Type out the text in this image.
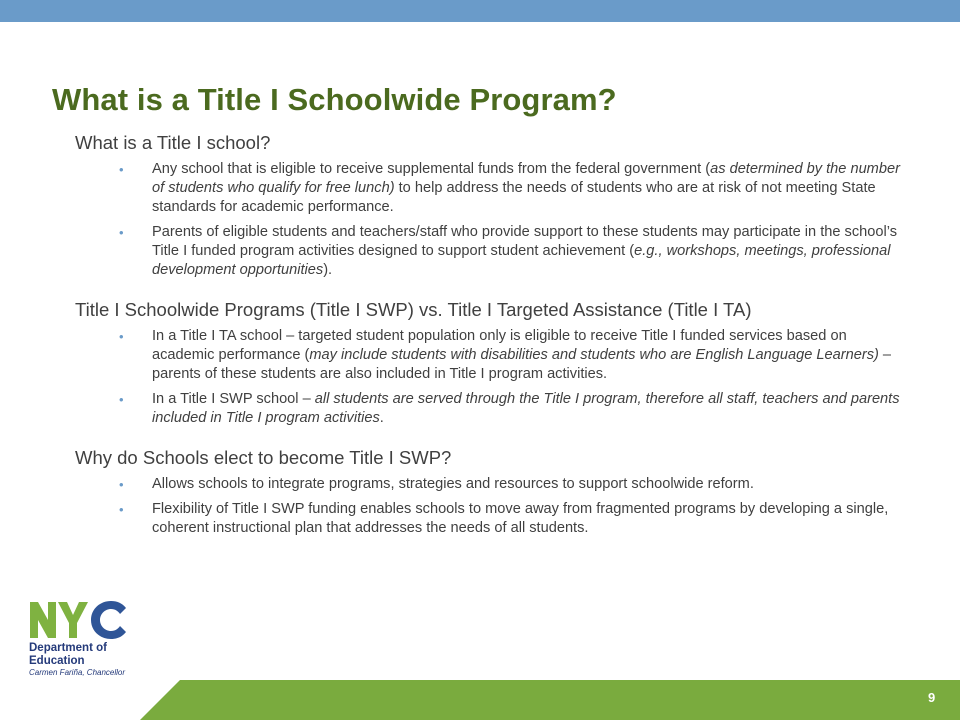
What is a Title I Schoolwide Program?
What is a Title I school?
• Any school that is eligible to receive supplemental funds from the federal government (as determined by the number of students who qualify for free lunch) to help address the needs of students who are at risk of not meeting State standards for academic performance.
• Parents of eligible students and teachers/staff who provide support to these students may participate in the school’s Title I funded program activities designed to support student achievement (e.g., workshops, meetings, professional development opportunities).
Title I Schoolwide Programs (Title I SWP) vs. Title I Targeted Assistance (Title I TA)
• In a Title I TA school – targeted student population only is eligible to receive Title I funded services based on academic performance (may include students with disabilities and students who are English Language Learners) – parents of these students are also included in Title I program activities.
• In a Title I SWP school – all students are served through the Title I program, therefore all staff, teachers and parents included in Title I program activities.
Why do Schools elect to become Title I SWP?
• Allows schools to integrate programs, strategies and resources to support schoolwide reform.
• Flexibility of Title I SWP funding enables schools to move away from fragmented programs by developing a single, coherent instructional plan that addresses the needs of all students.
Department of
Education
Carmen Fariña, Chancellor
9
